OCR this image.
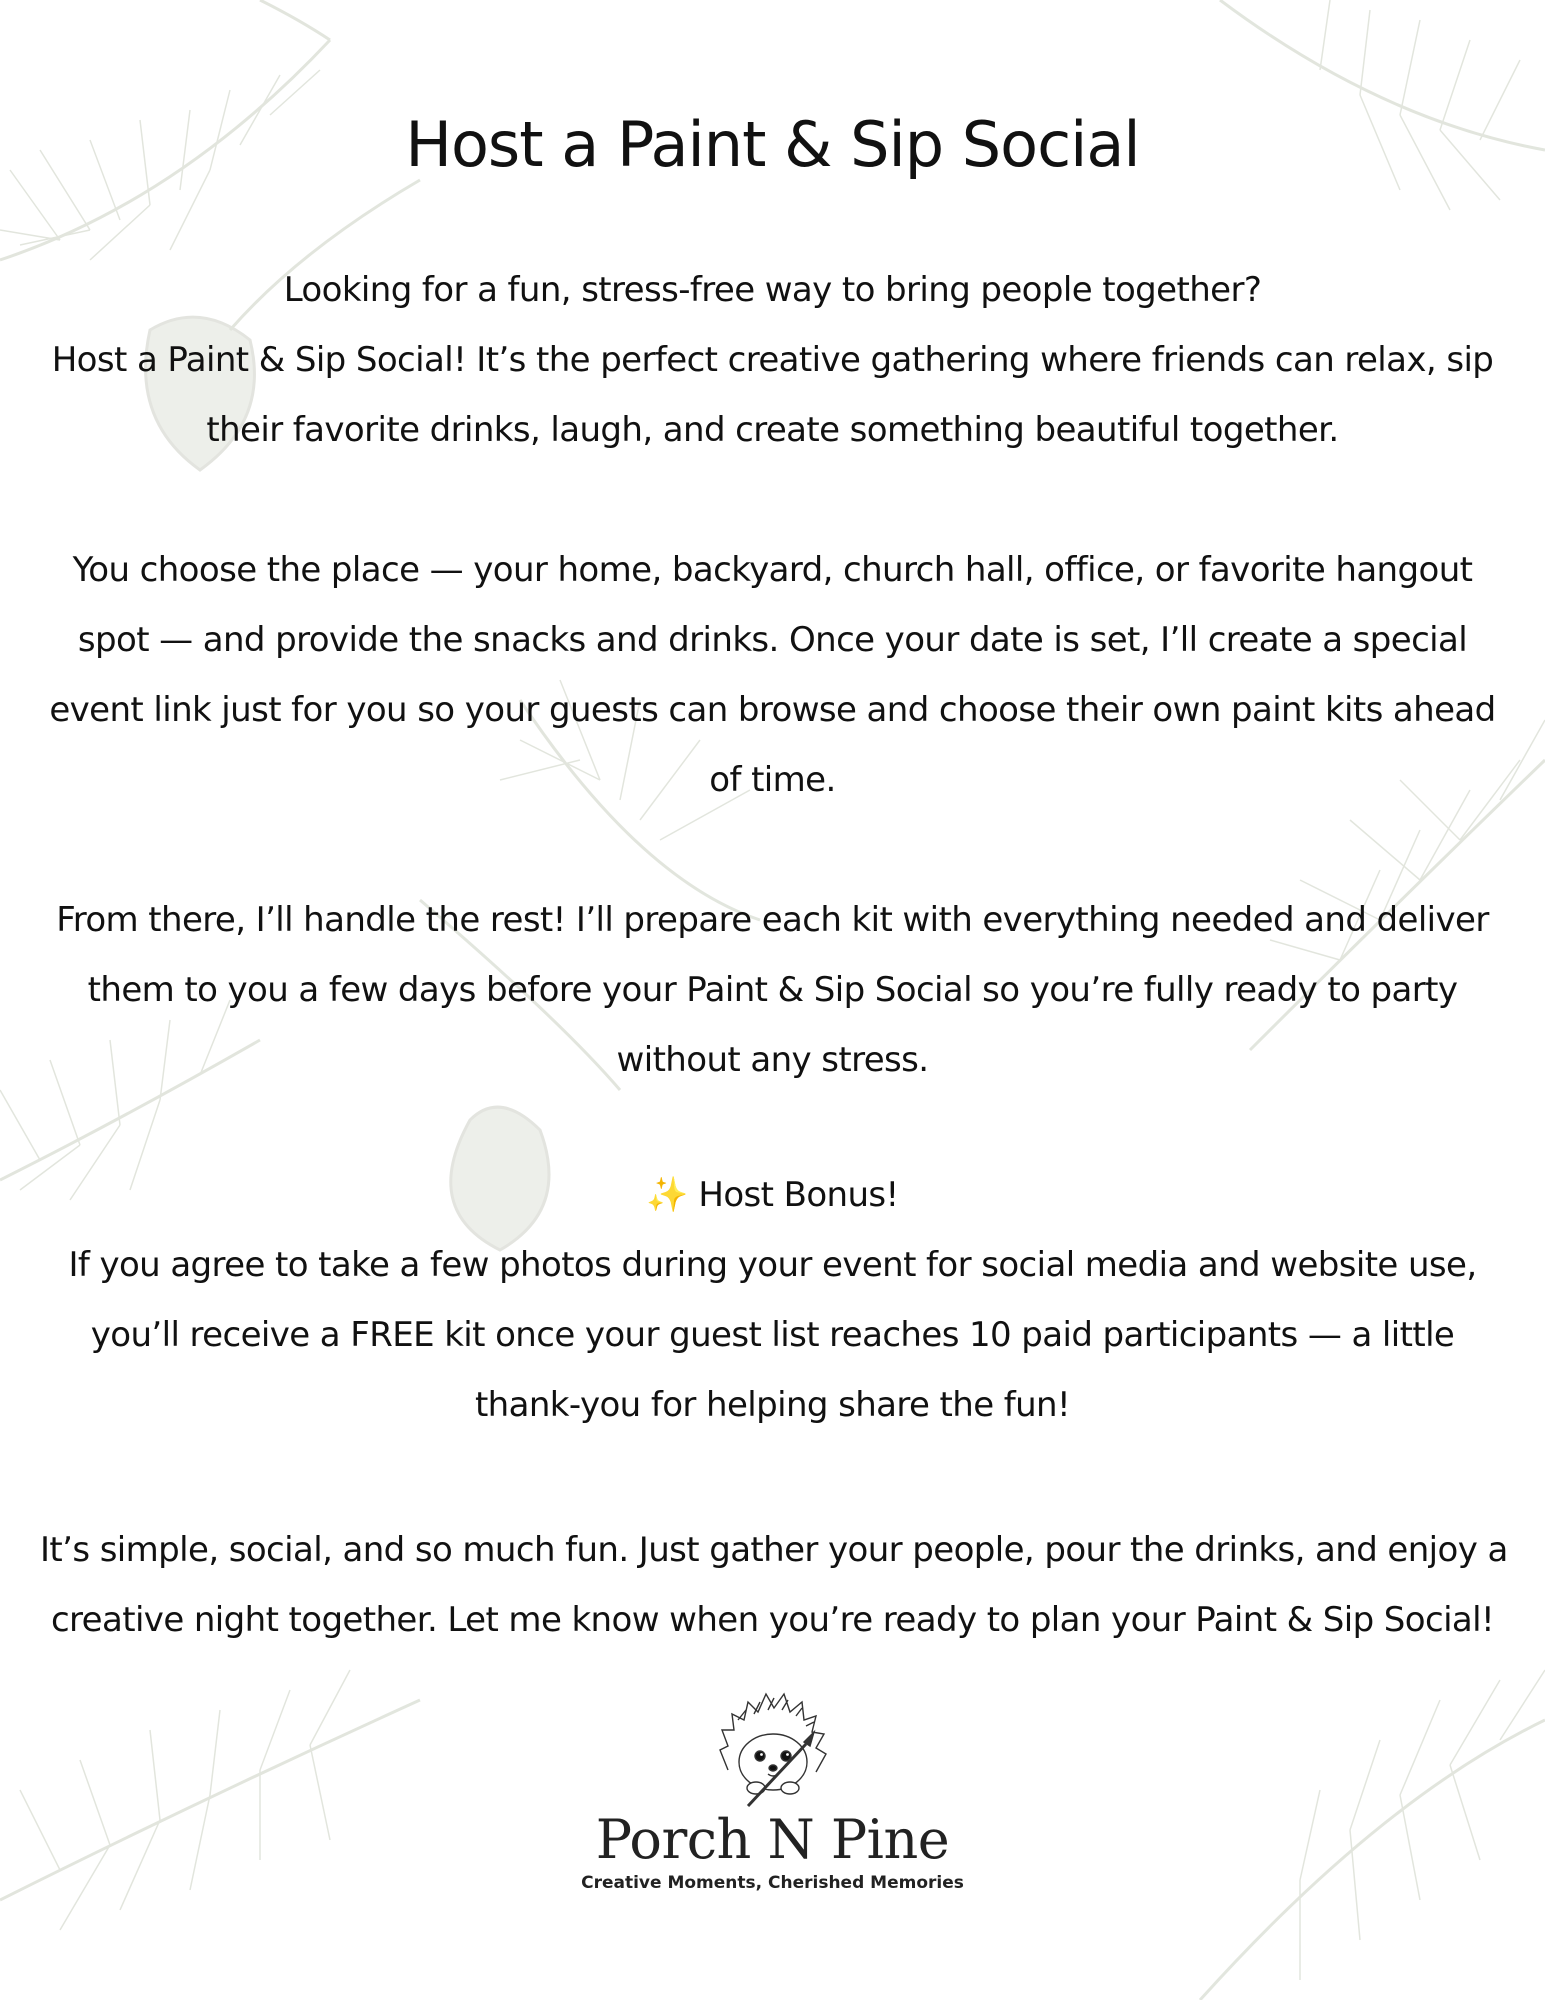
Host a Paint & Sip Social

Looking for a fun, stress-free way to bring people together?
Host a Paint & Sip Social! It’s the perfect creative gathering where friends can relax, sip
their favorite drinks, laugh, and create something beautiful together.

You choose the place — your home, backyard, church hall, office, or favorite hangout
spot — and provide the snacks and drinks. Once your date is set, I’ll create a special
event link just for you so your guests can browse and choose their own paint kits ahead
of time.

From there, I’ll handle the rest! I’ll prepare each kit with everything needed and deliver
them to you a few days before your Paint & Sip Social so you’re fully ready to party
without any stress.

✨ Host Bonus!
If you agree to take a few photos during your event for social media and website use,
you’ll receive a FREE kit once your guest list reaches 10 paid participants — a little
thank-you for helping share the fun!

It’s simple, social, and so much fun. Just gather your people, pour the drinks, and enjoy a
creative night together. Let me know when you’re ready to plan your Paint & Sip Social!

Porch N Pine
Creative Moments, Cherished Memories
